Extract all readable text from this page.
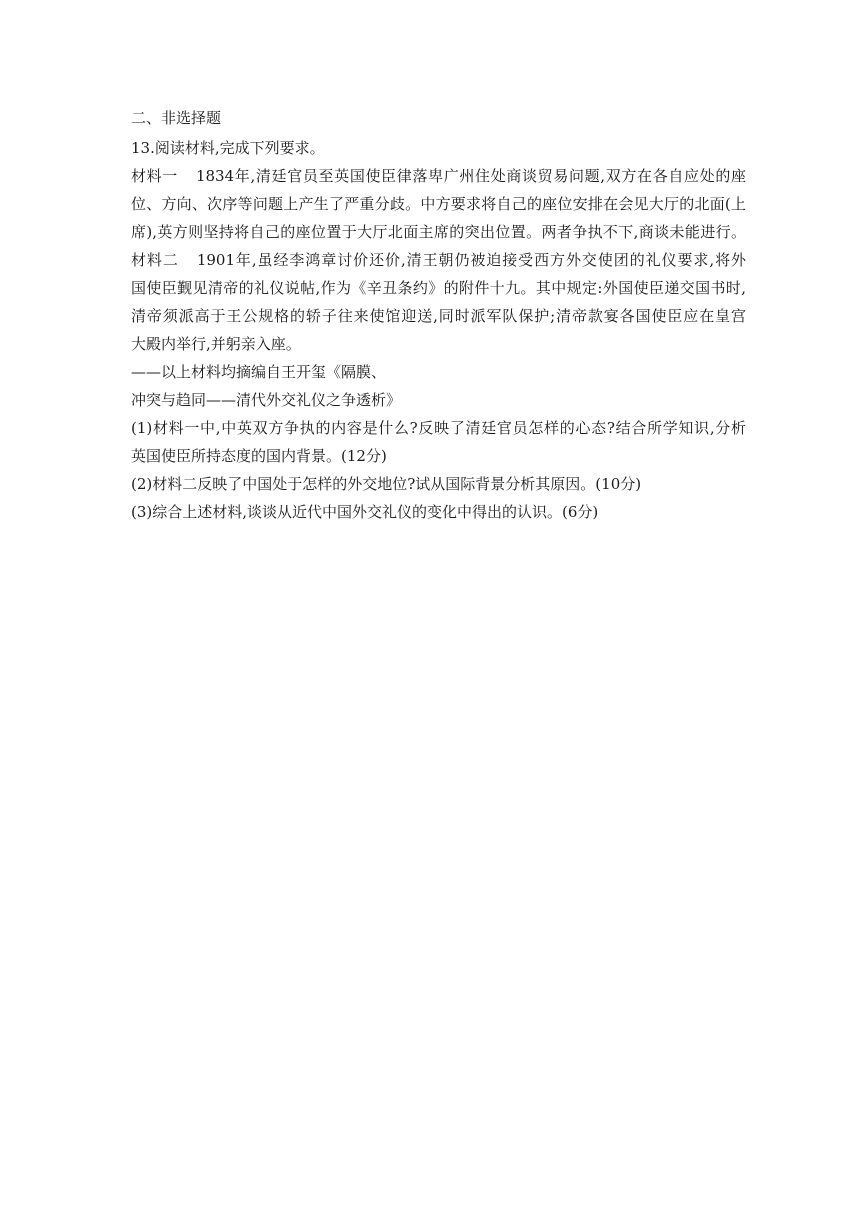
二、非选择题
13.阅读材料,完成下列要求。
材料一 1834年,清廷官员至英国使臣律落卑广州住处商谈贸易问题,双方在各自应处的座
位、方向、次序等问题上产生了严重分歧。中方要求将自己的座位安排在会见大厅的北面(上
席),英方则坚持将自己的座位置于大厅北面主席的突出位置。两者争执不下,商谈未能进行。
材料二 1901年,虽经李鸿章讨价还价,清王朝仍被迫接受西方外交使团的礼仪要求,将外
国使臣觐见清帝的礼仪说帖,作为《辛丑条约》的附件十九。其中规定:外国使臣递交国书时,
清帝须派高于王公规格的轿子往来使馆迎送,同时派军队保护;清帝款宴各国使臣应在皇宫
大殿内举行,并躬亲入座。
——以上材料均摘编自王开玺《隔膜、
冲突与趋同——清代外交礼仪之争透析》
(1)材料一中,中英双方争执的内容是什么?反映了清廷官员怎样的心态?结合所学知识,分析
英国使臣所持态度的国内背景。(12分)
(2)材料二反映了中国处于怎样的外交地位?试从国际背景分析其原因。(10分)
(3)综合上述材料,谈谈从近代中国外交礼仪的变化中得出的认识。(6分)
